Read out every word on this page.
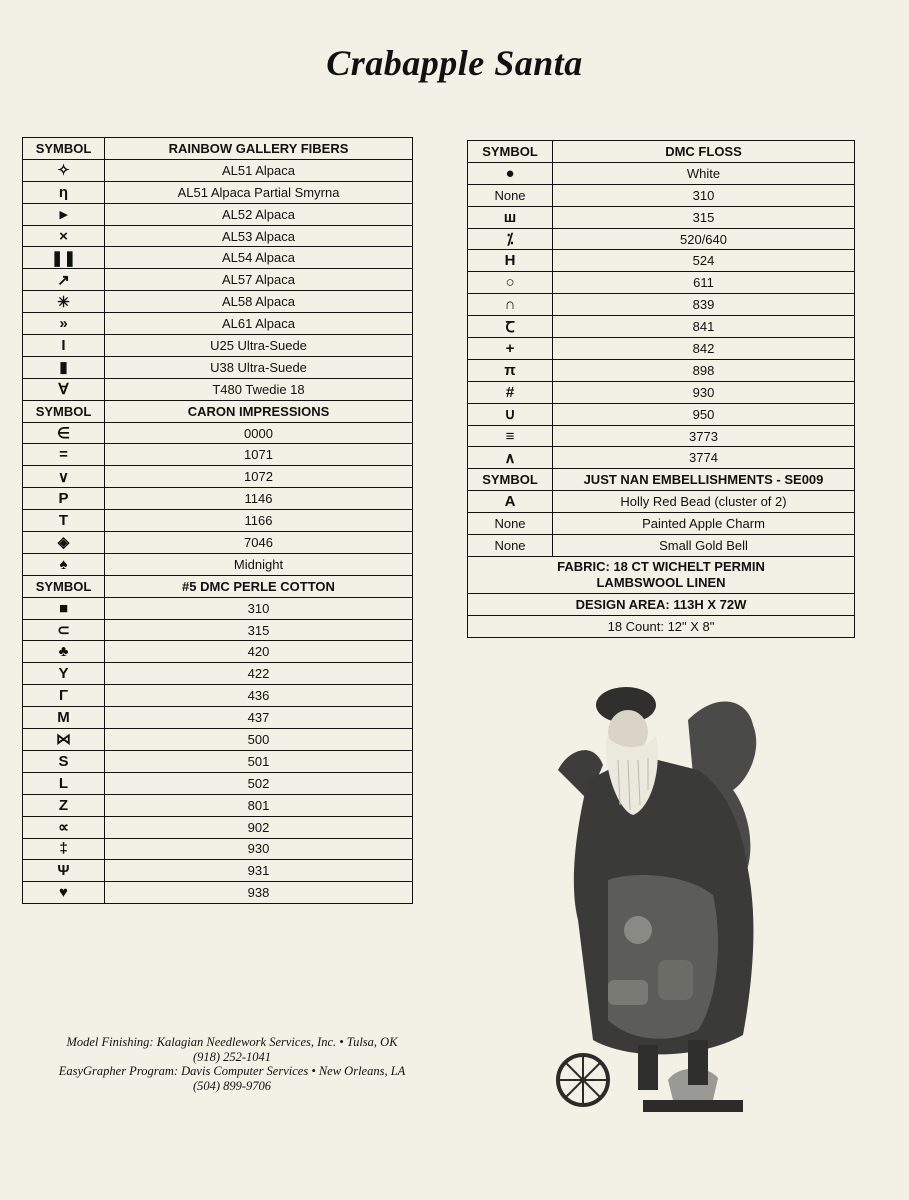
Crabapple Santa
SYMBOL	RAINBOW GALLERY FIBERS
✧	AL51 Alpaca
ƞ	AL51 Alpaca Partial Smyrna
▸	AL52 Alpaca
×	AL53 Alpaca
❚❚	AL54 Alpaca
↗	AL57 Alpaca
✳	AL58 Alpaca
»	AL61 Alpaca
I	U25 Ultra-Suede
▮	U38 Ultra-Suede
∀	T480 Twedie 18
SYMBOL	CARON IMPRESSIONS
∈	0000
=	1071
∨	1072
P	1146
T	1166
◈	7046
♠	Midnight
SYMBOL	#5 DMC PERLE COTTON
■	310
⊂	315
♣	420
Y	422
Γ	436
M	437
⋈	500
S	501
L	502
Z	801
∝	902
‡	930
Ψ	931
♥	938
SYMBOL	DMC FLOSS
●	White
None	310
ш	315
⁒	520/640
H	524
○	611
∩	839
Ꞇ	841
+	842
π	898
#	930
∪	950
≡	3773
∧	3774
SYMBOL	JUST NAN EMBELLISHMENTS - SE009
A	Holly Red Bead (cluster of 2)
None	Painted Apple Charm
None	Small Gold Bell
FABRIC: 18 CT WICHELT PERMIN
LAMBSWOOL LINEN	
DESIGN AREA: 113H X 72W	
18 Count: 12" X 8"	
Model Finishing: Kalagian Needlework Services, Inc. • Tulsa, OK
(918) 252-1041
EasyGrapher Program: Davis Computer Services • New Orleans, LA
(504) 899-9706
